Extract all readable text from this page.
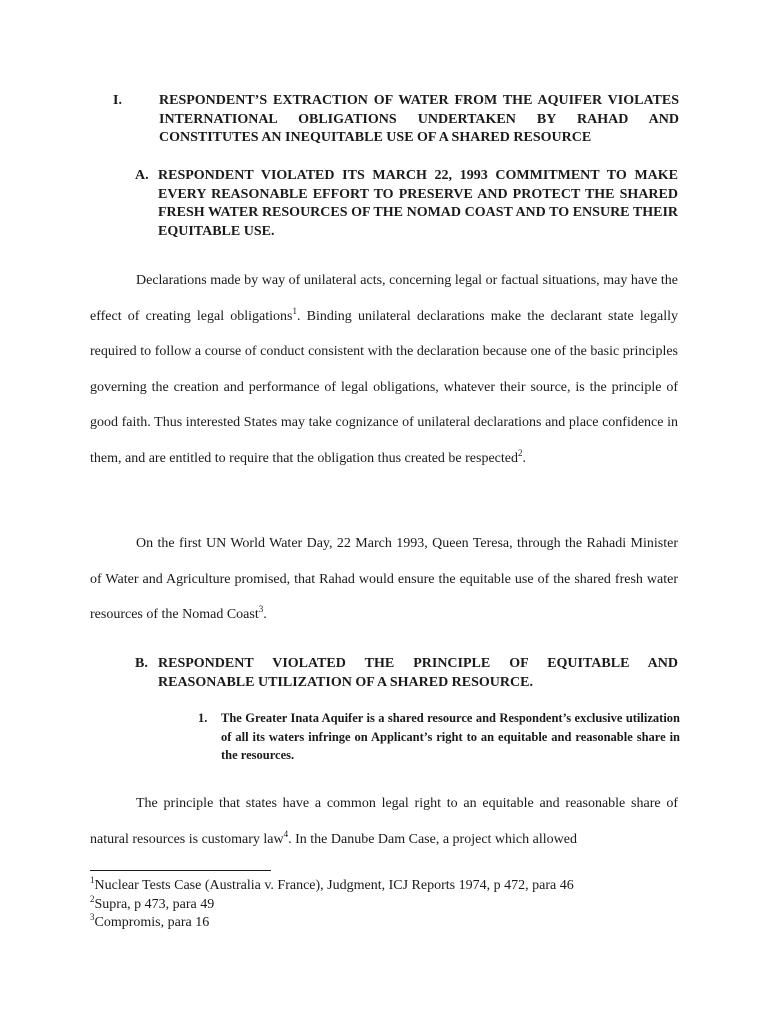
I.	RESPONDENT’S EXTRACTION OF WATER FROM THE AQUIFER VIOLATES INTERNATIONAL OBLIGATIONS UNDERTAKEN BY RAHAD AND CONSTITUTES AN INEQUITABLE USE OF A SHARED RESOURCE
A. RESPONDENT VIOLATED ITS MARCH 22, 1993 COMMITMENT TO MAKE EVERY REASONABLE EFFORT TO PRESERVE AND PROTECT THE SHARED FRESH WATER RESOURCES OF THE NOMAD COAST AND TO ENSURE THEIR EQUITABLE USE.

Declarations made by way of unilateral acts, concerning legal or factual situations, may have the effect of creating legal obligations$^1$. Binding unilateral declarations make the declarant state legally required to follow a course of conduct consistent with the declaration because one of the basic principles governing the creation and performance of legal obligations, whatever their source, is the principle of good faith. Thus interested States may take cognizance of unilateral declarations and place confidence in them, and are entitled to require that the obligation thus created be respected$^2$.

On the first UN World Water Day, 22 March 1993, Queen Teresa, through the Rahadi Minister of Water and Agriculture promised, that Rahad would ensure the equitable use of the shared fresh water resources of the Nomad Coast$^3$.

B. RESPONDENT VIOLATED THE PRINCIPLE OF EQUITABLE AND REASONABLE UTILIZATION OF A SHARED RESOURCE.
1. The Greater Inata Aquifer is a shared resource and Respondent’s exclusive utilization of all its waters infringe on Applicant’s right to an equitable and reasonable share in the resources.

The principle that states have a common legal right to an equitable and reasonable share of natural resources is customary law$^4$. In the Danube Dam Case, a project which allowed

$^1$Nuclear Tests Case (Australia v. France), Judgment, ICJ Reports 1974, p 472, para 46
$^2$Supra, p 473, para 49
$^3$Compromis, para 16
